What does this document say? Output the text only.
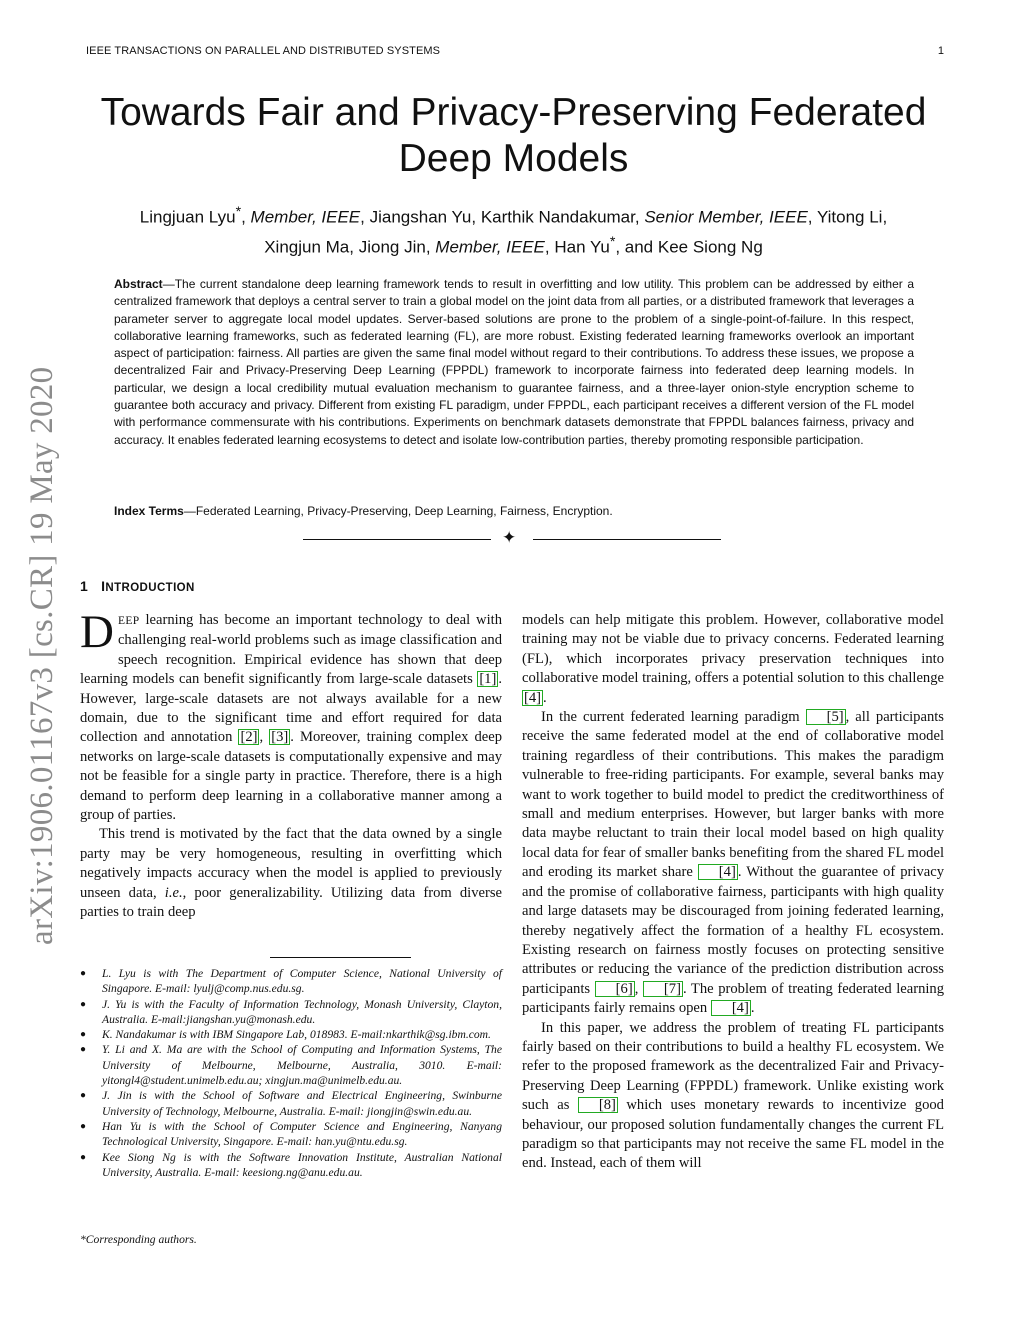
IEEE TRANSACTIONS ON PARALLEL AND DISTRIBUTED SYSTEMS	1
arXiv:1906.01167v3 [cs.CR] 19 May 2020
Towards Fair and Privacy-Preserving Federated Deep Models
Lingjuan Lyu*, Member, IEEE, Jiangshan Yu, Karthik Nandakumar, Senior Member, IEEE, Yitong Li,
Xingjun Ma, Jiong Jin, Member, IEEE, Han Yu*, and Kee Siong Ng

Abstract—The current standalone deep learning framework tends to result in overfitting and low utility. This problem can be addressed by either a centralized framework that deploys a central server to train a global model on the joint data from all parties, or a distributed framework that leverages a parameter server to aggregate local model updates. Server-based solutions are prone to the problem of a single-point-of-failure. In this respect, collaborative learning frameworks, such as federated learning (FL), are more robust. Existing federated learning frameworks overlook an important aspect of participation: fairness. All parties are given the same final model without regard to their contributions. To address these issues, we propose a decentralized Fair and Privacy-Preserving Deep Learning (FPPDL) framework to incorporate fairness into federated deep learning models. In particular, we design a local credibility mutual evaluation mechanism to guarantee fairness, and a three-layer onion-style encryption scheme to guarantee both accuracy and privacy. Different from existing FL paradigm, under FPPDL, each participant receives a different version of the FL model with performance commensurate with his contributions. Experiments on benchmark datasets demonstrate that FPPDL balances fairness, privacy and accuracy. It enables federated learning ecosystems to detect and isolate low-contribution parties, thereby promoting responsible participation.

Index Terms—Federated Learning, Privacy-Preserving, Deep Learning, Fairness, Encryption.

✦
1 INTRODUCTION

DEEP learning has become an important technology to deal with challenging real-world problems such as image classification and speech recognition. Empirical evidence has shown that deep learning models can benefit significantly from large-scale datasets [1] . However, large-scale datasets are not always available for a new domain, due to the significant time and effort required for data collection and annotation [2] , [3] . Moreover, training complex deep networks on large-scale datasets is computationally expensive and may not be feasible for a single party in practice. Therefore, there is a high demand to perform deep learning in a collaborative manner among a group of parties.

This trend is motivated by the fact that the data owned by a single party may be very homogeneous, resulting in overfitting which negatively impacts accuracy when the model is applied to previously unseen data, i.e., poor generalizability. Utilizing data from diverse parties to train deep

● L. Lyu is with The Department of Computer Science, National University of Singapore. E-mail: lyulj@comp.nus.edu.sg.
● J. Yu is with the Faculty of Information Technology, Monash University, Clayton, Australia. E-mail:jiangshan.yu@monash.edu.
● K. Nandakumar is with IBM Singapore Lab, 018983. E-mail:nkarthik@sg.ibm.com.
● Y. Li and X. Ma are with the School of Computing and Information Systems, The University of Melbourne, Melbourne, Australia, 3010. E-mail: yitongl4@student.unimelb.edu.au; xingjun.ma@unimelb.edu.au.
● J. Jin is with the School of Software and Electrical Engineering, Swinburne University of Technology, Melbourne, Australia. E-mail: jiongjin@swin.edu.au.
● Han Yu is with the School of Computer Science and Engineering, Nanyang Technological University, Singapore. E-mail: han.yu@ntu.edu.sg.
● Kee Siong Ng is with the Software Innovation Institute, Australian National University, Australia. E-mail: keesiong.ng@anu.edu.au.
*Corresponding authors.

models can help mitigate this problem. However, collaborative model training may not be viable due to privacy concerns. Federated learning (FL), which incorporates privacy preservation techniques into collaborative model training, offers a potential solution to this challenge [4] .

In the current federated learning paradigm [5] , all participants receive the same federated model at the end of collaborative model training regardless of their contributions. This makes the paradigm vulnerable to free-riding participants. For example, several banks may want to work together to build model to predict the creditworthiness of small and medium enterprises. However, but larger banks with more data maybe reluctant to train their local model based on high quality local data for fear of smaller banks benefiting from the shared FL model and eroding its market share [4] . Without the guarantee of privacy and the promise of collaborative fairness, participants with high quality and large datasets may be discouraged from joining federated learning, thereby negatively affect the formation of a healthy FL ecosystem. Existing research on fairness mostly focuses on protecting sensitive attributes or reducing the variance of the prediction distribution across participants [6] , [7] . The problem of treating federated learning participants fairly remains open [4] .

In this paper, we address the problem of treating FL participants fairly based on their contributions to build a healthy FL ecosystem. We refer to the proposed framework as the decentralized Fair and Privacy-Preserving Deep Learning (FPPDL) framework. Unlike existing work such as [8] which uses monetary rewards to incentivize good behaviour, our proposed solution fundamentally changes the current FL paradigm so that participants may not receive the same FL model in the end. Instead, each of them will
